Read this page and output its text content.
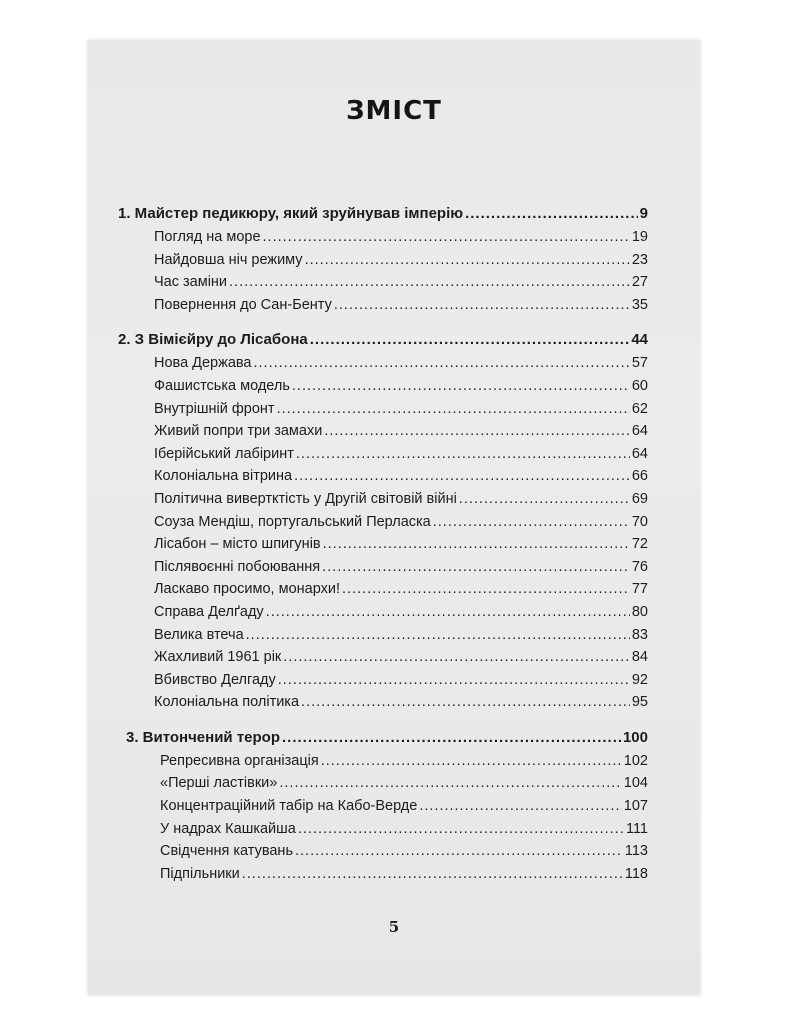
ЗМІСТ
1. Майстер педикюру, який зруйнував імперію .....	9
Погляд на море .....	19
Найдовша ніч режиму .....	23
Час заміни .....	27
Повернення до Сан-Бенту .....	35
2. З Вімієйру до Лісабона .....	44
Нова Держава .....	57
Фашистська модель .....	60
Внутрішній фронт .....	62
Живий попри три замахи .....	64
Іберійський лабіринт .....	64
Колоніальна вітрина .....	66
Політична вивертктість у Другій світовій війні .....	69
Соуза Мендіш, португальський Перласка .....	70
Лісабон – місто шпигунів .....	72
Післявоєнні побоювання .....	76
Ласкаво просимо, монархи! .....	77
Справа Делґаду .....	80
Велика втеча .....	83
Жахливий 1961 рік .....	84
Вбивство Делгаду .....	92
Колоніальна політика .....	95
3. Витончений терор .....	100
Репресивна організація .....	102
«Перші ластівки» .....	104
Концентраційний табір на Кабо-Верде .....	107
У надрах Кашкайша .....	111
Свідчення катувань .....	113
Підпільники .....	118
5
